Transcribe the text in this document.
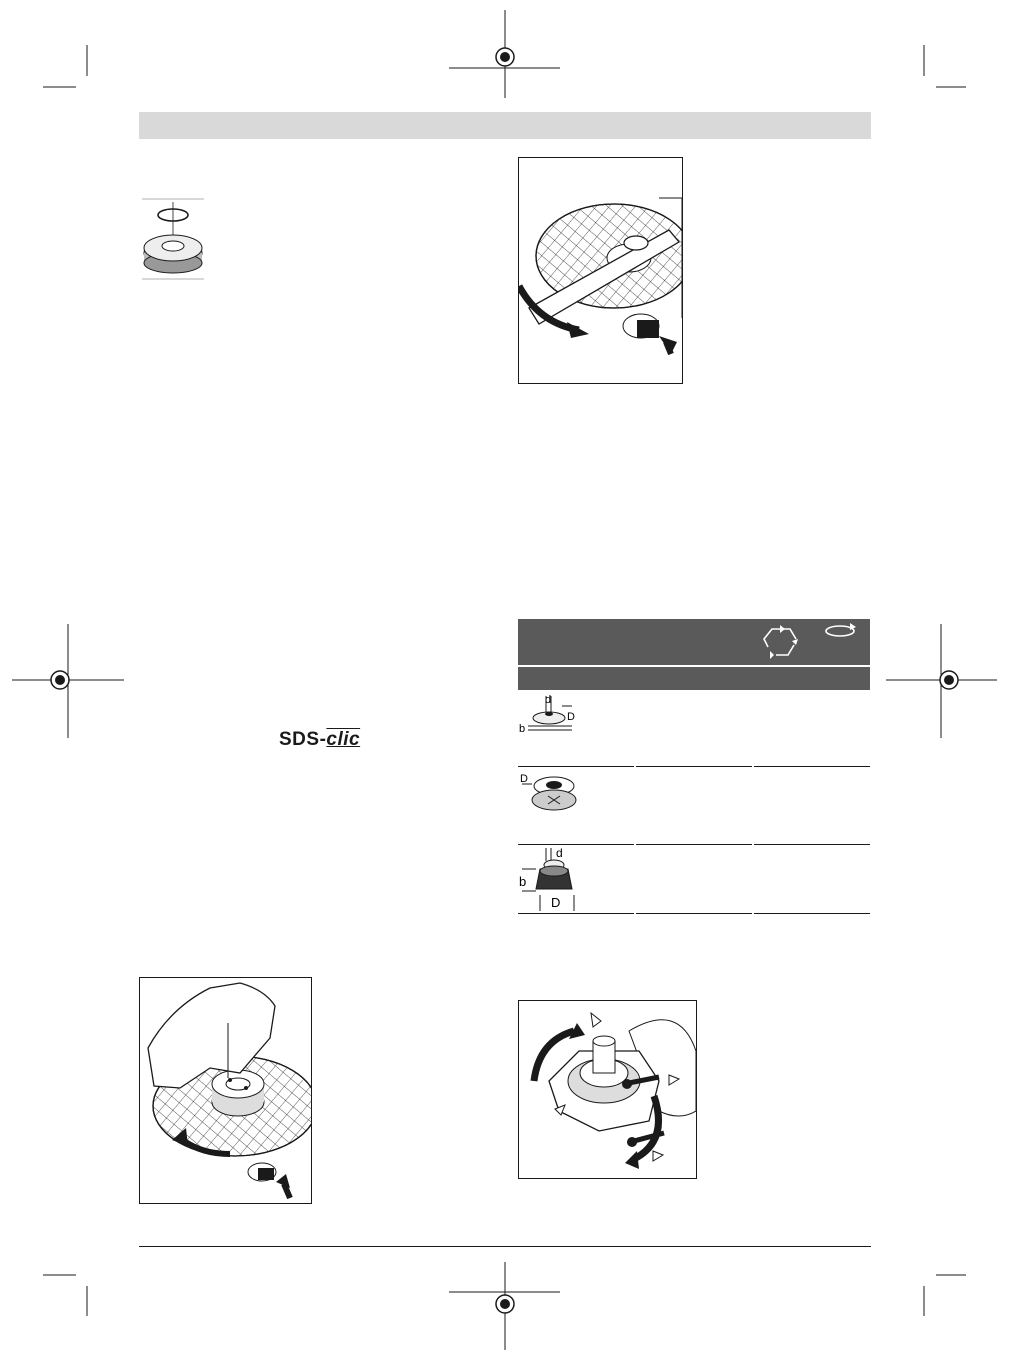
d
D
b
D
d
b
D
SDS-clic
